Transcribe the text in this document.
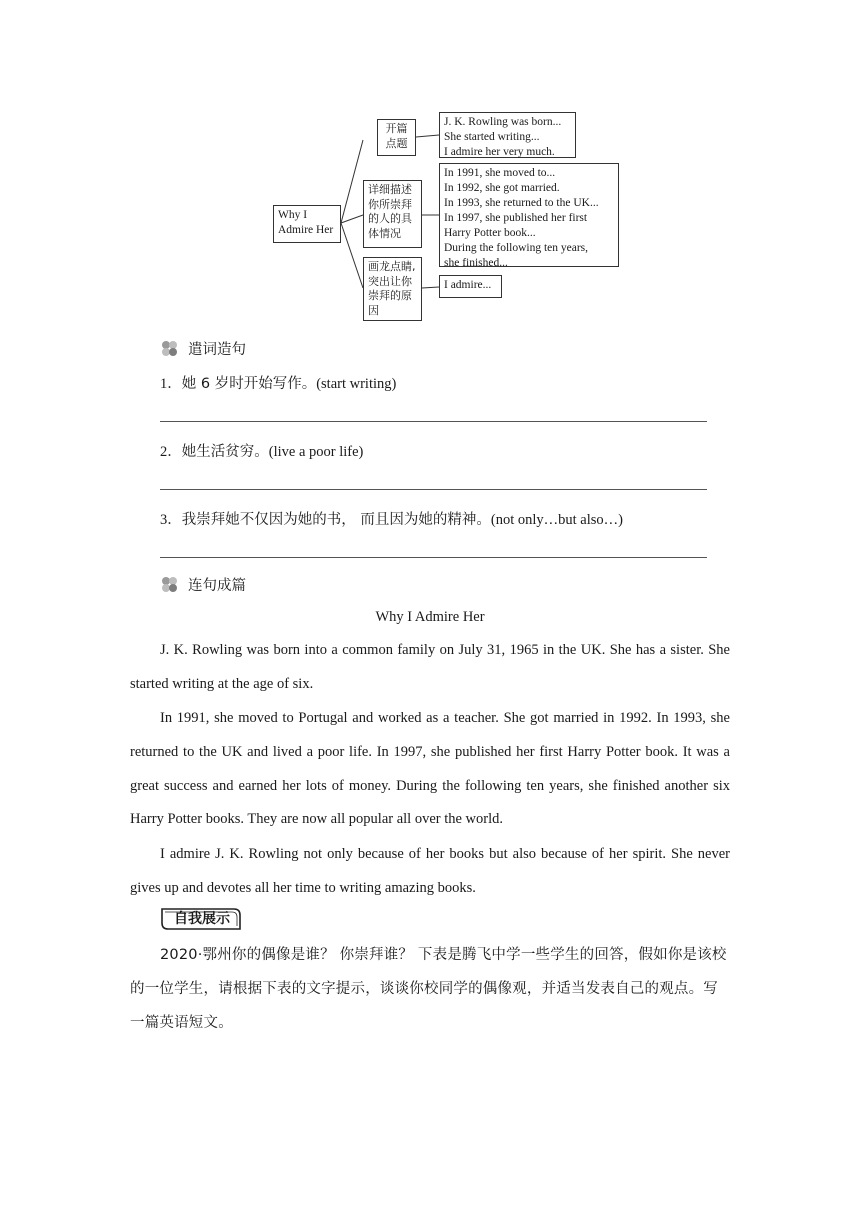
Why I
Admire Her
开篇
点题
详细描述
你所崇拜
的人的具
体情况
画龙点睛,
突出让你
崇拜的原
因
J. K. Rowling was born...
She started writing...
I admire her very much.
In 1991, she moved to...
In 1992, she got married.
In 1993, she returned to the UK...
In 1997, she published her first
Harry Potter book...
During the following ten years,
she finished...
I admire...
遣词造句
1．她 6 岁时开始写作。(start writing)
2．她生活贫穷。(live a poor life)
3．我崇拜她不仅因为她的书， 而且因为她的精神。(not only…but also…)
连句成篇
Why I Admire Her

J. K. Rowling was born into a common family on July 31, 1965 in the UK. She has a sister. She started writing at the age of six.

In 1991, she moved to Portugal and worked as a teacher. She got married in 1992. In 1993, she returned to the UK and lived a poor life. In 1997, she published her first Harry Potter book. It was a great success and earned her lots of money. During the following ten years, she finished another six Harry Potter books. They are now all popular all over the world.

I admire J. K. Rowling not only because of her books but also because of her spirit. She never gives up and devotes all her time to writing amazing books.

自我展示

2020·鄂州你的偶像是谁？ 你崇拜谁？ 下表是腾飞中学一些学生的回答，假如你是该校的一位学生，请根据下表的文字提示，谈谈你校同学的偶像观，并适当发表自己的观点。写一篇英语短文。
